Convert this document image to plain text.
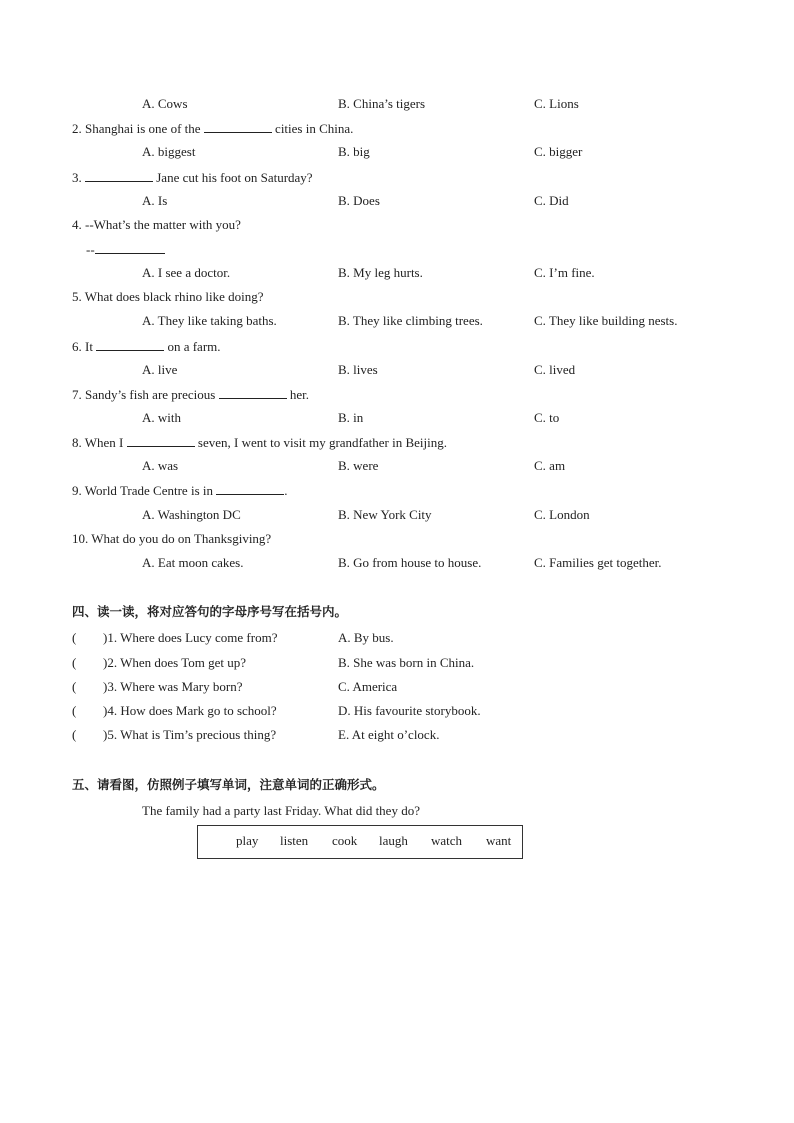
A. Cows	B. China’s tigers	C. Lions
2. Shanghai is one of the	cities in China.
A. biggest	B. big	C. bigger
3.	Jane cut his foot on Saturday?
A. Is	B. Does	C. Did
4. --What’s the matter with you?
--
A. I see a doctor.	B. My leg hurts.	C. I’m fine.
5. What does black rhino like doing?
A. They like taking baths.	B. They like climbing trees.	C. They like building nests.
6. It	on a farm.
A. live	B. lives	C. lived
7. Sandy’s fish are precious	her.
A. with	B. in	C. to
8. When I	seven, I went to visit my grandfather in Beijing.
A. was	B. were	C. am
9. World Trade Centre is in	.
A. Washington DC	B. New York City	C. London
10. What do you do on Thanksgiving?
A. Eat moon cakes.	B. Go from house to house.	C. Families get together.
四、读一读，将对应答句的字母序号写在括号内。
( )1. Where does Lucy come from?	A. By bus.
( )2. When does Tom get up?	B. She was born in China.
( )3. Where was Mary born?	C. America
( )4. How does Mark go to school?	D. His favourite storybook.
( )5. What is Tim’s precious thing?	E. At eight o’clock.
五、请看图，仿照例子填写单词，注意单词的正确形式。
The family had a party last Friday. What did they do?
play listen cook laugh watch want
